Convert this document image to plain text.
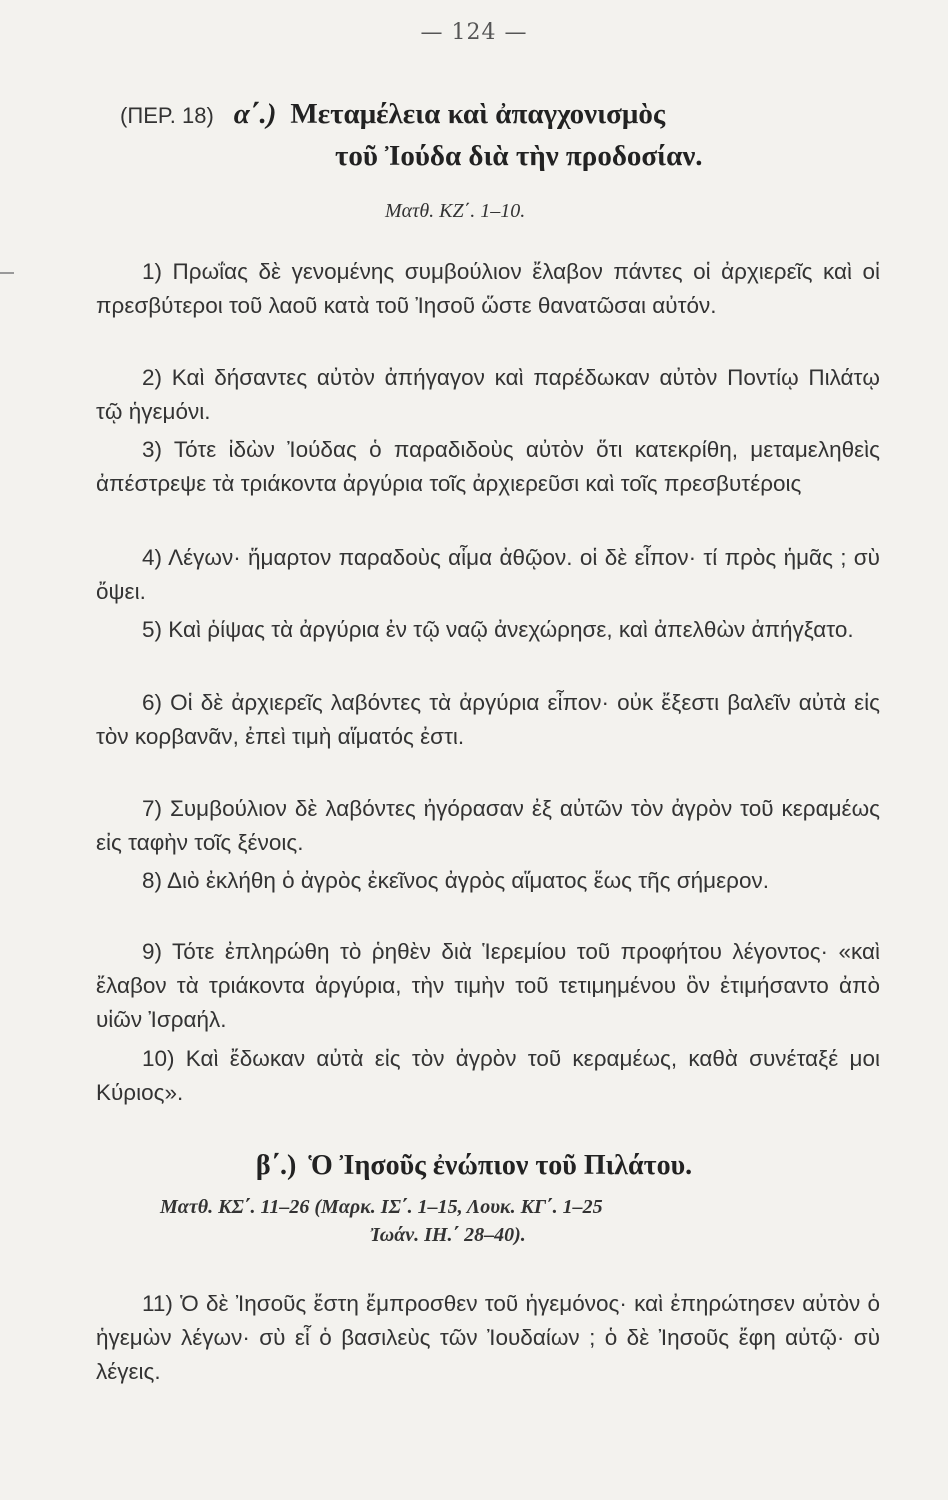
— 124 —
(ΠΕΡ. 18) α΄.) Μεταμέλεια καὶ ἀπαγχονισμὸς
τοῦ Ἰούδα διὰ τὴν προδοσίαν.
Ματθ. ΚΖ΄. 1–10.
1) Πρωΐας δὲ γενομένης συμβούλιον ἔλαβον πάντες οἱ ἀρχιερεῖς καὶ οἱ πρεσβύτεροι τοῦ λαοῦ κατὰ τοῦ Ἰησοῦ ὥστε θανατῶσαι αὐτόν.
2) Καὶ δήσαντες αὐτὸν ἀπήγαγον καὶ παρέδωκαν αὐτὸν Ποντίῳ Πιλάτῳ τῷ ἡγεμόνι.
3) Τότε ἰδὼν Ἰούδας ὁ παραδιδοὺς αὐτὸν ὅτι κατεκρίθη, μεταμεληθεὶς ἀπέστρεψε τὰ τριάκοντα ἀργύρια τοῖς ἀρχιερεῦσι καὶ τοῖς πρεσβυτέροις
4) Λέγων· ἥμαρτον παραδοὺς αἷμα ἀθῷον. οἱ δὲ εἶπον· τί πρὸς ἡμᾶς ; σὺ ὄψει.
5) Καὶ ῥίψας τὰ ἀργύρια ἐν τῷ ναῷ ἀνεχώρησε, καὶ ἀπελθὼν ἀπήγξατο.
6) Οἱ δὲ ἀρχιερεῖς λαβόντες τὰ ἀργύρια εἶπον· οὐκ ἔξεστι βαλεῖν αὐτὰ εἰς τὸν κορβανᾶν, ἐπεὶ τιμὴ αἵματός ἐστι.
7) Συμβούλιον δὲ λαβόντες ἠγόρασαν ἐξ αὐτῶν τὸν ἀγρὸν τοῦ κεραμέως εἰς ταφὴν τοῖς ξένοις.
8) Διὸ ἐκλήθη ὁ ἀγρὸς ἐκεῖνος ἀγρὸς αἵματος ἕως τῆς σήμερον.
9) Τότε ἐπληρώθη τὸ ῥηθὲν διὰ Ἱερεμίου τοῦ προφήτου λέγοντος· «καὶ ἔλαβον τὰ τριάκοντα ἀργύρια, τὴν τιμὴν τοῦ τετιμημένου ὃν ἐτιμήσαντο ἀπὸ υἱῶν Ἰσραήλ.
10) Καὶ ἔδωκαν αὐτὰ εἰς τὸν ἀγρὸν τοῦ κεραμέως, καθὰ συνέταξέ μοι Κύριος».
β΄.) Ὁ Ἰησοῦς ἐνώπιον τοῦ Πιλάτου.
Ματθ. ΚΣ΄. 11–26 (Μαρκ. ΙΣ΄. 1–15, Λουκ. ΚΓ΄. 1–25
Ἰωάν. ΙΗ.΄ 28–40).
11) Ὁ δὲ Ἰησοῦς ἔστη ἔμπροσθεν τοῦ ἡγεμόνος· καὶ ἐπηρώτησεν αὐτὸν ὁ ἡγεμὼν λέγων· σὺ εἶ ὁ βασιλεὺς τῶν Ἰουδαίων ; ὁ δὲ Ἰησοῦς ἔφη αὐτῷ· σὺ λέγεις.
